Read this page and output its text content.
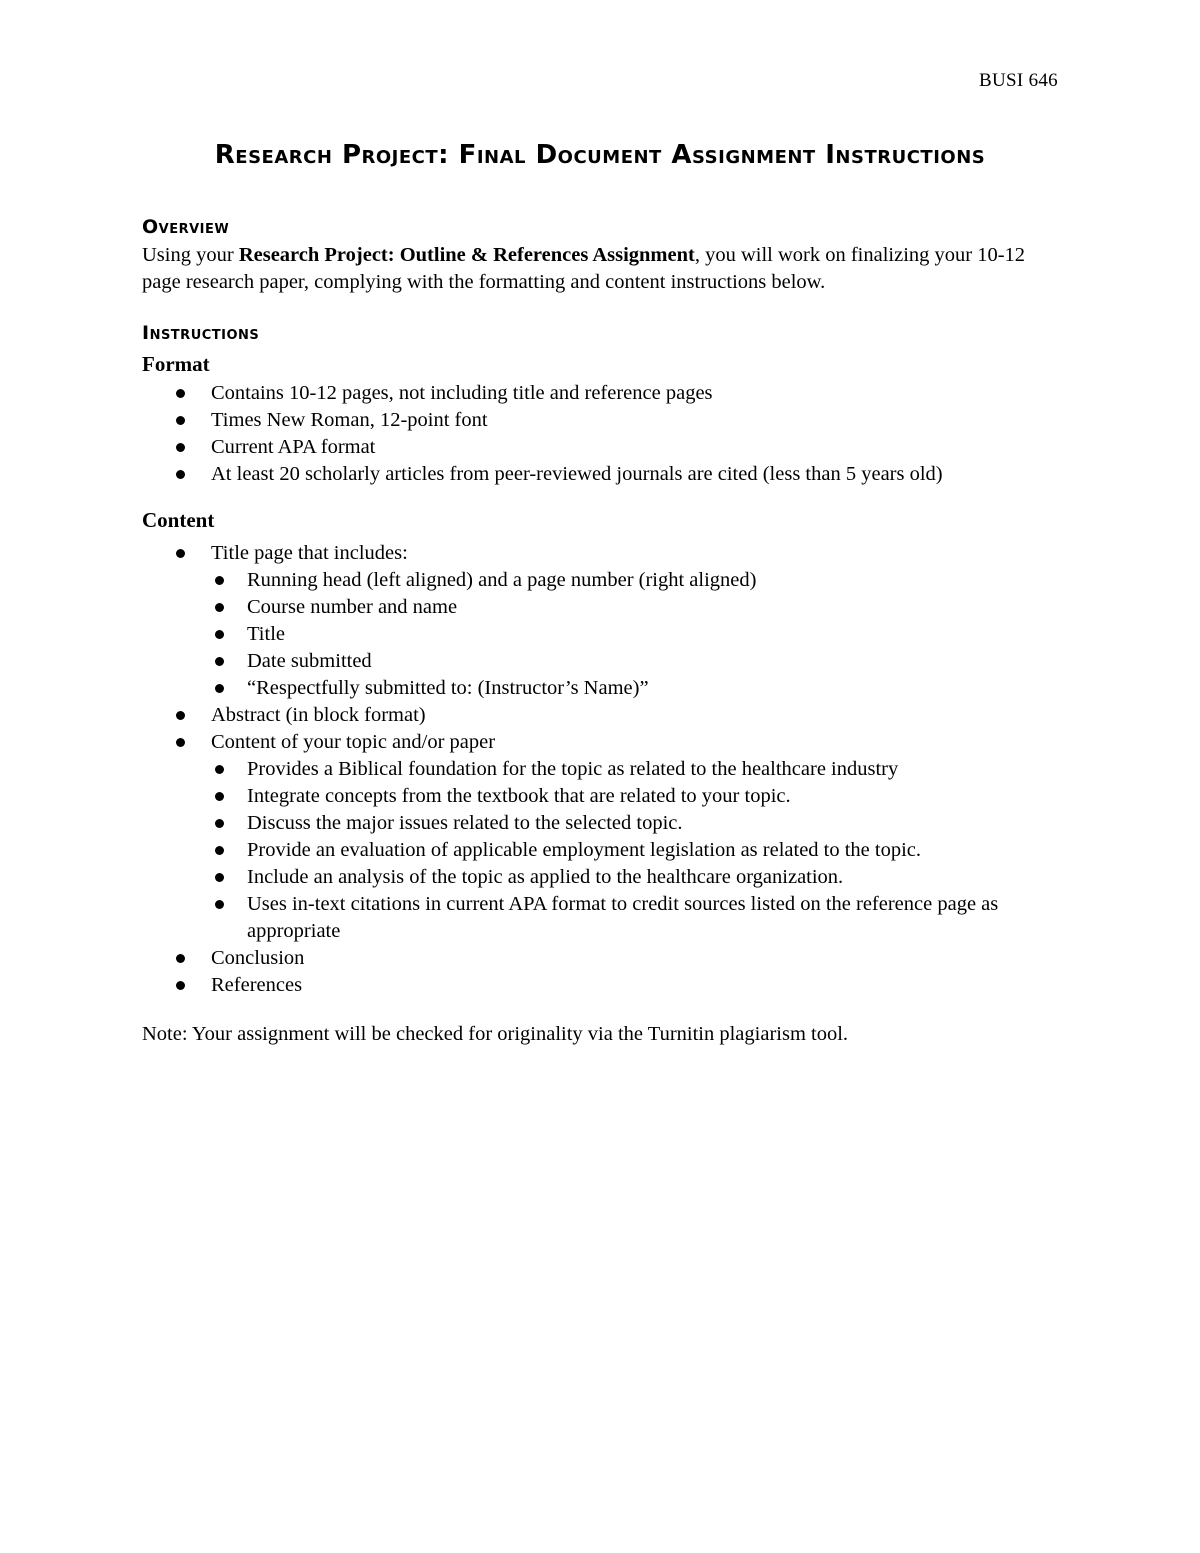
BUSI 646
Research Project: Final Document Assignment Instructions
Overview

Using your Research Project: Outline & References Assignment, you will work on finalizing your 10-12 page research paper, complying with the formatting and content instructions below.

Instructions
Format
Contains 10-12 pages, not including title and reference pages
Times New Roman, 12-point font
Current APA format
At least 20 scholarly articles from peer-reviewed journals are cited (less than 5 years old)
Content
Title page that includes:
Running head (left aligned) and a page number (right aligned)
Course number and name
Title
Date submitted
“Respectfully submitted to: (Instructor’s Name)”
Abstract (in block format)
Content of your topic and/or paper
Provides a Biblical foundation for the topic as related to the healthcare industry
Integrate concepts from the textbook that are related to your topic.
Discuss the major issues related to the selected topic.
Provide an evaluation of applicable employment legislation as related to the topic.
Include an analysis of the topic as applied to the healthcare organization.
Uses in-text citations in current APA format to credit sources listed on the reference page as appropriate
Conclusion
References

Note: Your assignment will be checked for originality via the Turnitin plagiarism tool.
